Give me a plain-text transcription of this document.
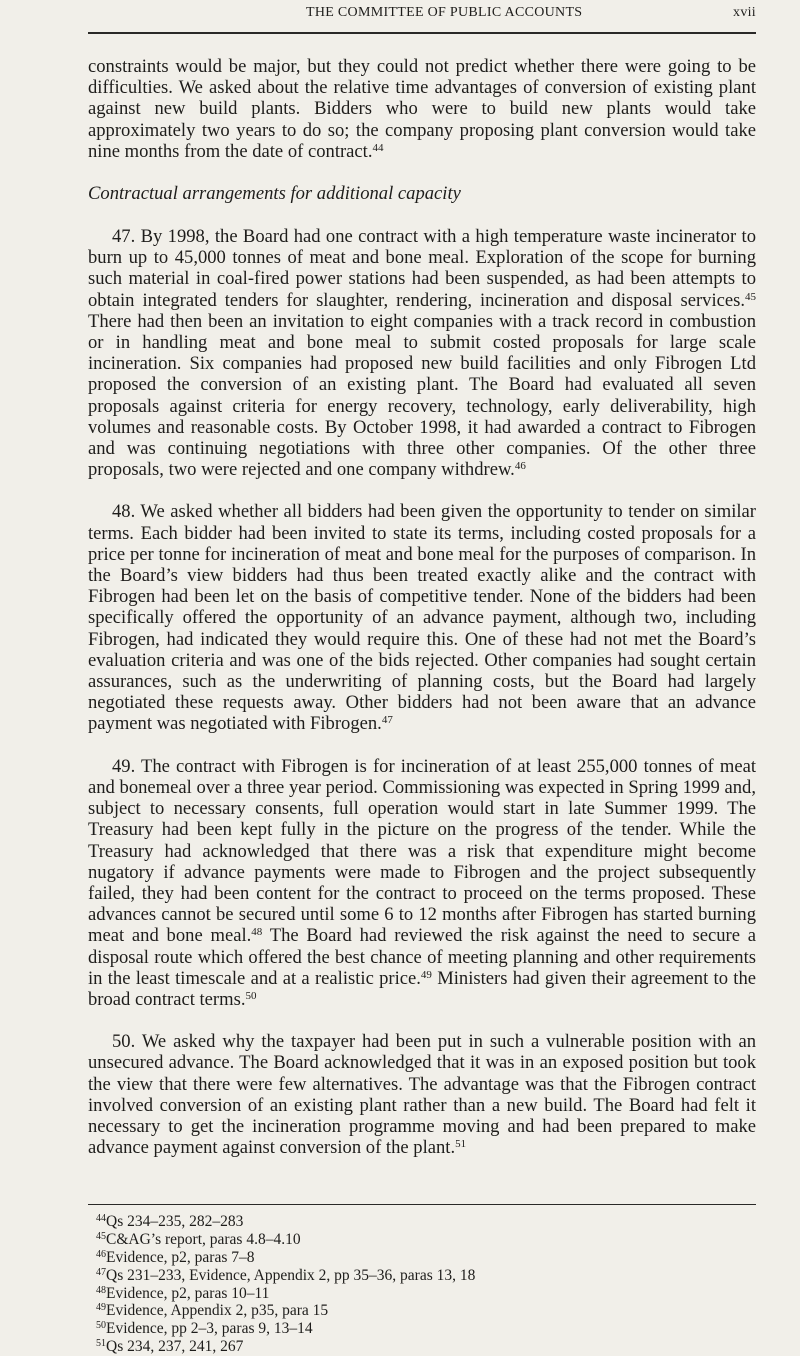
THE COMMITTEE OF PUBLIC ACCOUNTS	xvii

constraints would be major, but they could not predict whether there were going to be difficulties. We asked about the relative time advantages of conversion of existing plant against new build plants. Bidders who were to build new plants would take approximately two years to do so; the company proposing plant conversion would take nine months from the date of contract.$^{44}$

Contractual arrangements for additional capacity

47. By 1998, the Board had one contract with a high temperature waste incinerator to burn up to 45,000 tonnes of meat and bone meal. Exploration of the scope for burning such material in coal-fired power stations had been suspended, as had been attempts to obtain integrated tenders for slaughter, rendering, incineration and disposal services.$^{45}$ There had then been an invitation to eight companies with a track record in combustion or in handling meat and bone meal to submit costed proposals for large scale incineration. Six companies had proposed new build facilities and only Fibrogen Ltd proposed the conversion of an existing plant. The Board had evaluated all seven proposals against criteria for energy recovery, technology, early deliverability, high volumes and reasonable costs. By October 1998, it had awarded a contract to Fibrogen and was continuing negotiations with three other companies. Of the other three proposals, two were rejected and one company withdrew.$^{46}$

48. We asked whether all bidders had been given the opportunity to tender on similar terms. Each bidder had been invited to state its terms, including costed proposals for a price per tonne for incineration of meat and bone meal for the purposes of comparison. In the Board’s view bidders had thus been treated exactly alike and the contract with Fibrogen had been let on the basis of competitive tender. None of the bidders had been specifically offered the opportunity of an advance payment, although two, including Fibrogen, had indicated they would require this. One of these had not met the Board’s evaluation criteria and was one of the bids rejected. Other companies had sought certain assurances, such as the underwriting of planning costs, but the Board had largely negotiated these requests away. Other bidders had not been aware that an advance payment was negotiated with Fibrogen.$^{47}$

49. The contract with Fibrogen is for incineration of at least 255,000 tonnes of meat and bonemeal over a three year period. Commissioning was expected in Spring 1999 and, subject to necessary consents, full operation would start in late Summer 1999. The Treasury had been kept fully in the picture on the progress of the tender. While the Treasury had acknowledged that there was a risk that expenditure might become nugatory if advance payments were made to Fibrogen and the project subsequently failed, they had been content for the contract to proceed on the terms proposed. These advances cannot be secured until some 6 to 12 months after Fibrogen has started burning meat and bone meal.$^{48}$ The Board had reviewed the risk against the need to secure a disposal route which offered the best chance of meeting planning and other requirements in the least timescale and at a realistic price.$^{49}$ Ministers had given their agreement to the broad contract terms.$^{50}$

50. We asked why the taxpayer had been put in such a vulnerable position with an unsecured advance. The Board acknowledged that it was in an exposed position but took the view that there were few alternatives. The advantage was that the Fibrogen contract involved conversion of an existing plant rather than a new build. The Board had felt it necessary to get the incineration programme moving and had been prepared to make advance payment against conversion of the plant.$^{51}$

$^{44}$Qs 234–235, 282–283
$^{45}$C&AG’s report, paras 4.8–4.10
$^{46}$Evidence, p2, paras 7–8
$^{47}$Qs 231–233, Evidence, Appendix 2, pp 35–36, paras 13, 18
$^{48}$Evidence, p2, paras 10–11
$^{49}$Evidence, Appendix 2, p35, para 15
$^{50}$Evidence, pp 2–3, paras 9, 13–14
$^{51}$Qs 234, 237, 241, 267
